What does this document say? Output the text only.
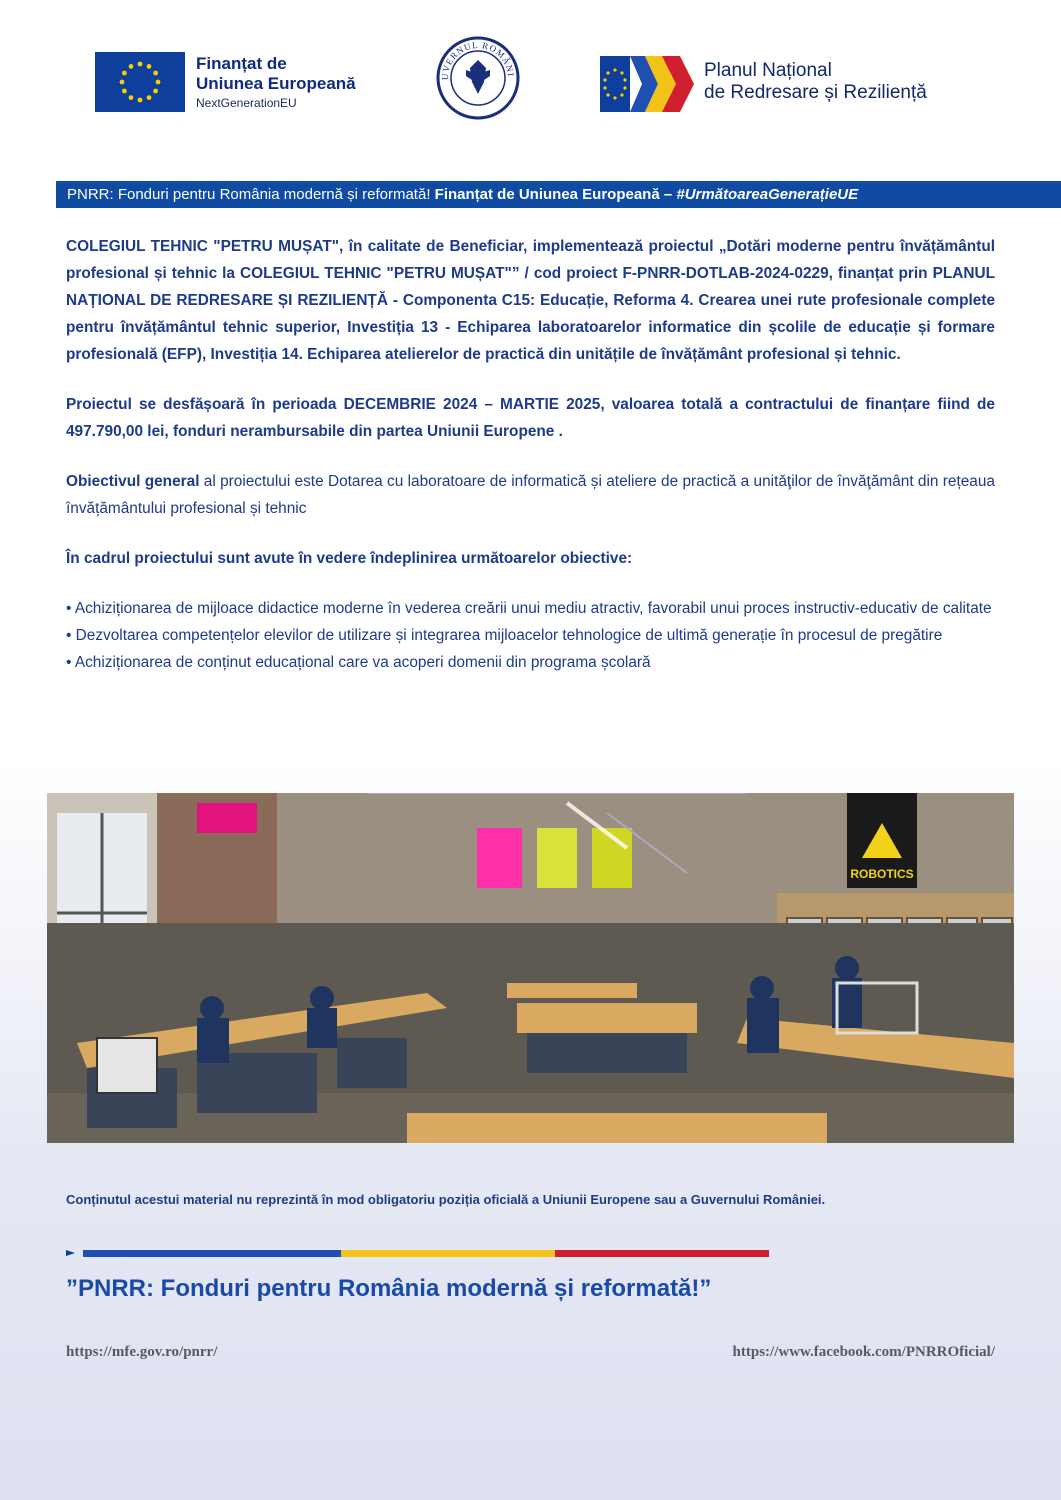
Finanțat de
Uniunea Europeană
NextGenerationEU
UVERNUL ROMÂNI	Planul Național
de Redresare și Reziliență
PNRR: Fonduri pentru România modernă și reformată! Finanțat de Uniunea Europeană – #UrmătoareaGenerațieUE

COLEGIUL TEHNIC "PETRU MUȘAT", în calitate de Beneficiar, implementează proiectul „Dotări moderne pentru învățământul profesional și tehnic la COLEGIUL TEHNIC "PETRU MUȘAT"” / cod proiect F-PNRR-DOTLAB-2024-0229, finanțat prin PLANUL NAȚIONAL DE REDRESARE ȘI REZILIENȚĂ - Componenta C15: Educație, Reforma 4. Crearea unei rute profesionale complete pentru învățământul tehnic superior, Investiția 13 - Echiparea laboratoarelor informatice din școlile de educație și formare profesională (EFP), Investiția 14. Echiparea atelierelor de practică din unitățile de învățământ profesional și tehnic.

Proiectul se desfășoară în perioada DECEMBRIE 2024 – MARTIE 2025, valoarea totală a contractului de finanțare fiind de 497.790,00 lei, fonduri nerambursabile din partea Uniunii Europene .

Obiectivul general al proiectului este Dotarea cu laboratoare de informatică și ateliere de practică a unitǎţilor de învăţământ din rețeaua învățământului profesional și tehnic

În cadrul proiectului sunt avute în vedere îndeplinirea următoarelor obiective:

• Achiziționarea de mijloace didactice moderne în vederea creării unui mediu atractiv, favorabil unui proces instructiv-educativ de calitate

• Dezvoltarea competențelor elevilor de utilizare și integrarea mijloacelor tehnologice de ultimă generație în procesul de pregătire

• Achiziționarea de conținut educațional care va acoperi domenii din programa școlară

ROBOTICS
Conținutul acestui material nu reprezintă în mod obligatoriu poziția oficială a Uniunii Europene sau a Guvernului României.
”PNRR: Fonduri pentru România modernă și reformată!”
https://mfe.gov.ro/pnrr/	https://www.facebook.com/PNRROficial/
